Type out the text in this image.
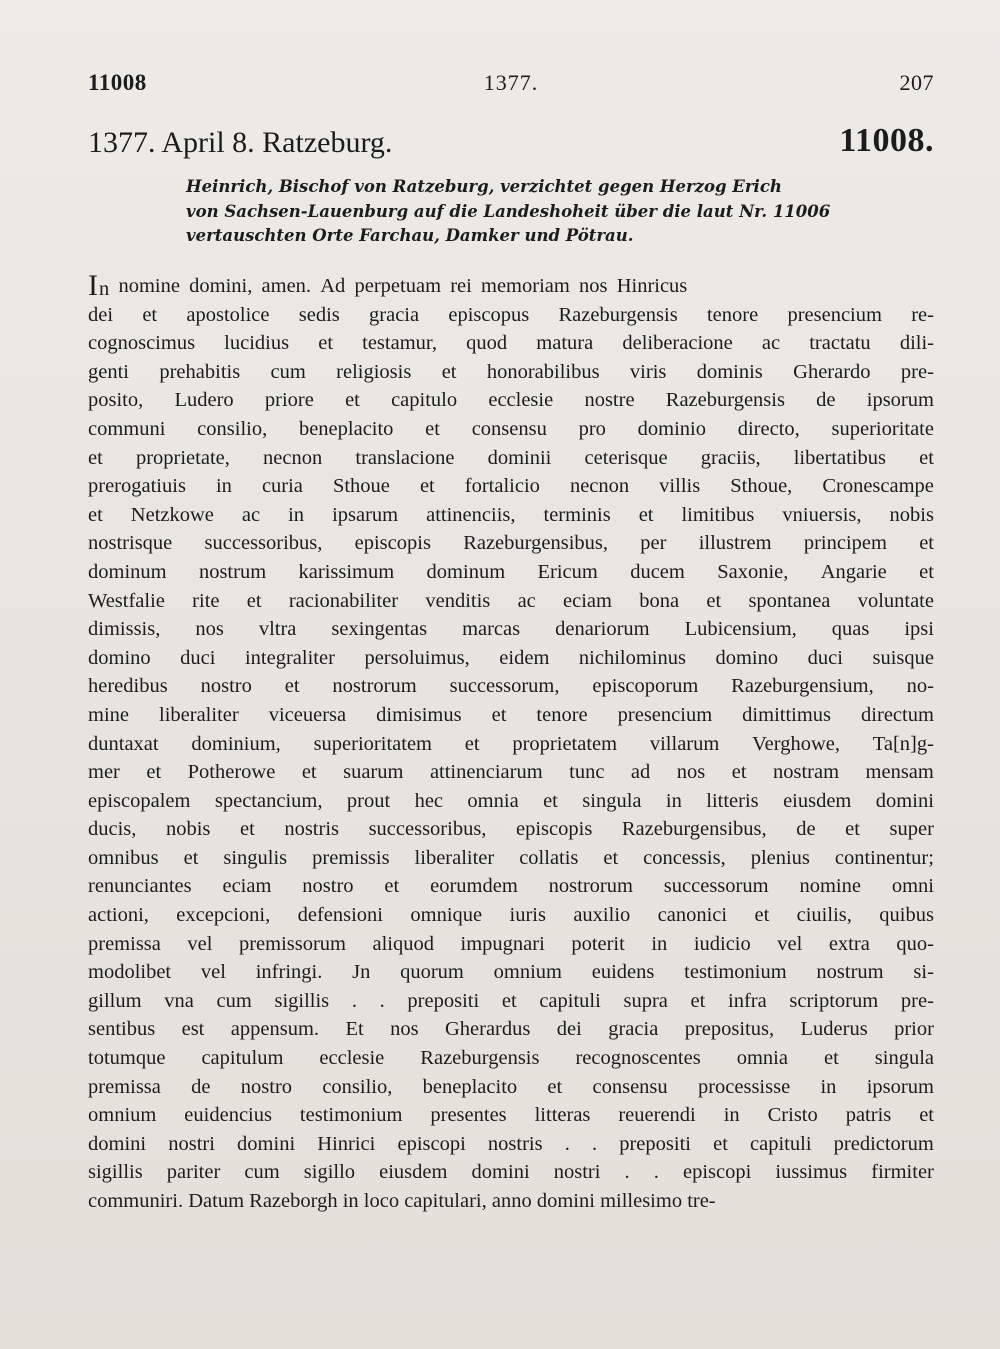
11008	1377.	207
1377. April 8. Ratzeburg.	11008.
Heinrich, Bischof von Ratzeburg, verzichtet gegen Herzog Erich
von Sachsen-Lauenburg auf die Landeshoheit über die laut Nr. 11006
vertauschten Orte Farchau, Damker und Pötrau.
In nomine domini, amen. Ad perpetuam rei memoriam nos Hinricus
dei et apostolice sedis gracia episcopus Razeburgensis tenore presencium re-
cognoscimus lucidius et testamur, quod matura deliberacione ac tractatu dili-
genti prehabitis cum religiosis et honorabilibus viris dominis Gherardo pre-
posito, Ludero priore et capitulo ecclesie nostre Razeburgensis de ipsorum
communi consilio, beneplacito et consensu pro dominio directo, superioritate
et proprietate, necnon translacione dominii ceterisque graciis, libertatibus et
prerogatiuis in curia Sthoue et fortalicio necnon villis Sthoue, Cronescampe
et Netzkowe ac in ipsarum attinenciis, terminis et limitibus vniuersis, nobis
nostrisque successoribus, episcopis Razeburgensibus, per illustrem principem et
dominum nostrum karissimum dominum Ericum ducem Saxonie, Angarie et
Westfalie rite et racionabiliter venditis ac eciam bona et spontanea voluntate
dimissis, nos vltra sexingentas marcas denariorum Lubicensium, quas ipsi
domino duci integraliter persoluimus, eidem nichilominus domino duci suisque
heredibus nostro et nostrorum successorum, episcoporum Razeburgensium, no-
mine liberaliter viceuersa dimisimus et tenore presencium dimittimus directum
duntaxat dominium, superioritatem et proprietatem villarum Verghowe, Ta[n]g-
mer et Potherowe et suarum attinenciarum tunc ad nos et nostram mensam
episcopalem spectancium, prout hec omnia et singula in litteris eiusdem domini
ducis, nobis et nostris successoribus, episcopis Razeburgensibus, de et super
omnibus et singulis premissis liberaliter collatis et concessis, plenius continentur;
renunciantes eciam nostro et eorumdem nostrorum successorum nomine omni
actioni, excepcioni, defensioni omnique iuris auxilio canonici et ciuilis, quibus
premissa vel premissorum aliquod impugnari poterit in iudicio vel extra quo-
modolibet vel infringi. Jn quorum omnium euidens testimonium nostrum si-
gillum vna cum sigillis . . prepositi et capituli supra et infra scriptorum pre-
sentibus est appensum. Et nos Gherardus dei gracia prepositus, Luderus prior
totumque capitulum ecclesie Razeburgensis recognoscentes omnia et singula
premissa de nostro consilio, beneplacito et consensu processisse in ipsorum
omnium euidencius testimonium presentes litteras reuerendi in Cristo patris et
domini nostri domini Hinrici episcopi nostris . . prepositi et capituli predictorum
sigillis pariter cum sigillo eiusdem domini nostri . . episcopi iussimus firmiter
communiri.
Datum
Razeborgh
in
loco
capitulari,
anno
domini
millesimo
tre-
